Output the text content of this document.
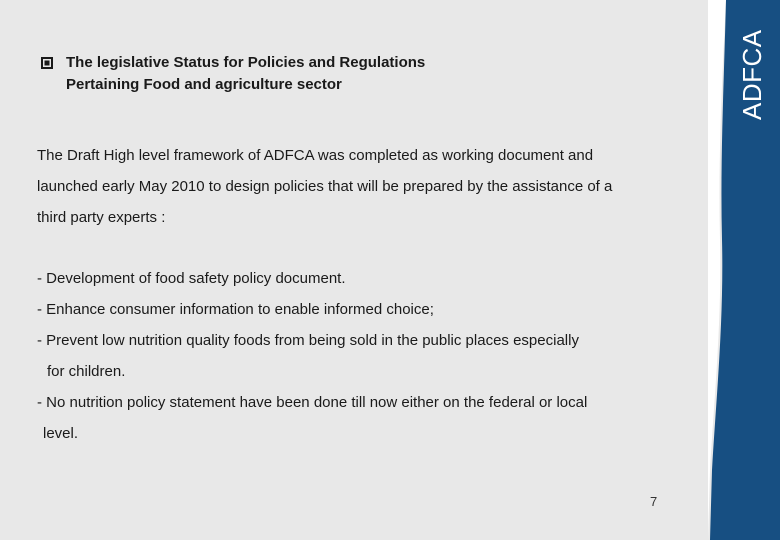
ADFCA
The legislative Status for Policies and Regulations
Pertaining Food and agriculture sector
The Draft High level framework of ADFCA was completed as working document and
launched early May 2010 to design policies that will be prepared by the assistance of a
third party experts :
- Development of food safety policy document.
- Enhance consumer information to enable informed choice;
- Prevent low nutrition quality foods from being sold in the public places especially
for children.
- No nutrition policy statement have been done till now either on the federal or local
level.
7
